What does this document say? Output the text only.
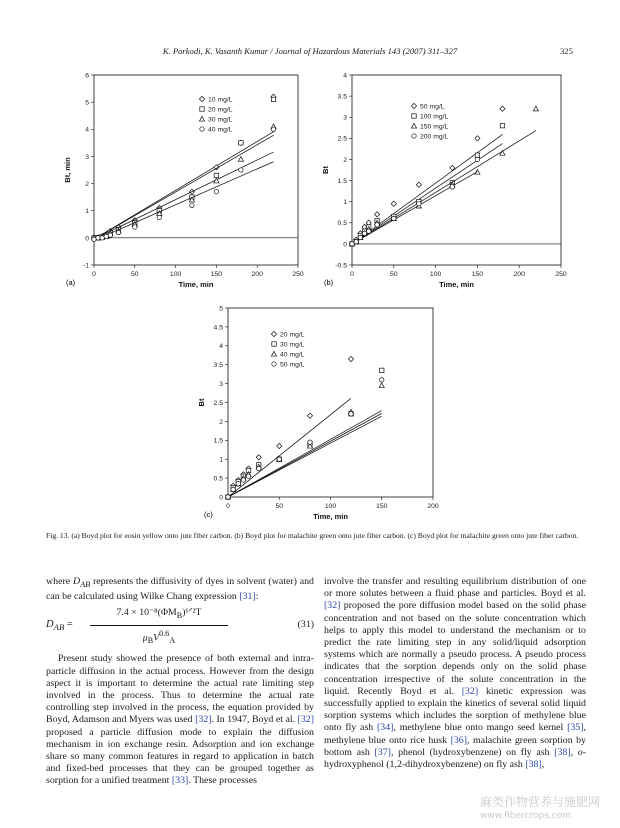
K. Porkodi, K. Vasanth Kumar / Journal of Hazardous Materials 143 (2007) 311–327	325
0	50	100	150	200	250
-1
0
1
2
3
4
5
6
Time, min
Bt, min
(a)
10 mg/L
20 mg/L
30 mg/L
40 mg/L
0	50	100	150	200	250
-0.5
0
0.5
1
1.5
2
2.5
3
3.5
4
Time, min
Bt
(b)
50 mg/L
100 mg/L
150 mg/L
200 mg/L
0	50	100	150	200
0
0.5
1
1.5
2
2.5
3
3.5
4
4.5
5
Time, min
Bt
(c)
20 mg/L
30 mg/L
40 mg/L
50 mg/L
Fig. 13. (a) Boyd plot for eosin yellow onto jute fiber carbon. (b) Boyd plot for malachite green onto jute fiber carbon. (c) Boyd plot for malachite green onto jute fiber carbon.

where $D_{AB}$ represents the diffusivity of dyes in solvent (water) and can be calculated using Wilke Chang expression [31]:

$D_{AB}$ =
$7.4 \times 10^{-8}(\Phi M_B)^1ᐟ^2T$
$\mu_BV^{0.6}_A$
(31)

Present study showed the presence of both external and intra-particle diffusion in the actual process. However from the design aspect it is important to determine the actual rate limiting step involved in the process. Thus to determine the actual rate controlling step involved in the process, the equation provided by Boyd, Adamson and Myers was used [32]. In 1947, Boyd et al. [32] proposed a particle diffusion mode to explain the diffusion mechanism in ion exchange resin. Adsorption and ion exchange share so many common features in regard to application in batch and fixed-bed processes that they can be grouped together as sorption for a unified treatment [33]. These processes

involve the transfer and resulting equilibrium distribution of one or more solutes between a fluid phase and particles. Boyd et al. [32] proposed the pore diffusion model based on the solid phase concentration and not based on the solute concentration which helps to apply this model to understand the mechanism or to predict the rate limiting step in any solid/liquid adsorption systems which are normally a pseudo process. A pseudo process indicates that the sorption depends only on the solid phase concentration irrespective of the solute concentration in the liquid. Recently Boyd et al. [32] kinetic expression was successfully applied to explain the kinetics of several solid liquid sorption systems which includes the sorption of methylene blue onto fly ash [34], methylene blue onto mango seed kernel [35], methylene blue onto rice husk [36], malachite green sorption by bottom ash [37], phenol (hydroxybenzene) on fly ash [38], o-hydroxyphenol (1,2-dihydroxybenzene) on fly ash [38],

麻类作物营养与施肥网
www.fibercrops.com
